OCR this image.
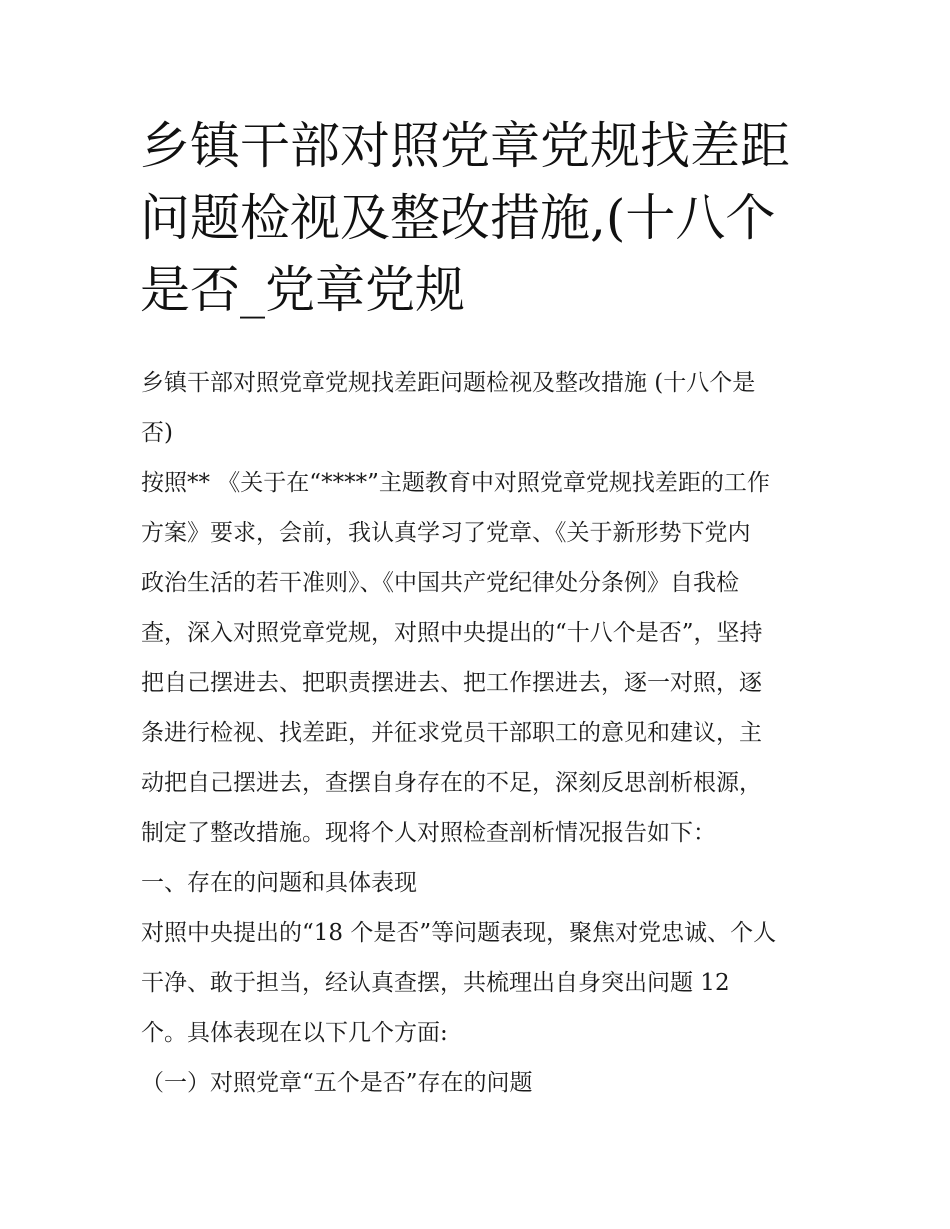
乡镇干部对照党章党规找差距
问题检视及整改措施,(十八个
是否_党章党规
乡镇干部对照党章党规找差距问题检视及整改措施 (十八个是
否)
按照** 《关于在“****”主题教育中对照党章党规找差距的工作
方案》要求，会前，我认真学习了党章、《关于新形势下党内
政治生活的若干准则》、《中国共产党纪律处分条例》自我检
查，深入对照党章党规，对照中央提出的“十八个是否”，坚持
把自己摆进去、把职责摆进去、把工作摆进去，逐一对照，逐
条进行检视、找差距，并征求党员干部职工的意见和建议，主
动把自己摆进去，查摆自身存在的不足，深刻反思剖析根源，
制定了整改措施。现将个人对照检查剖析情况报告如下：
一、存在的问题和具体表现
对照中央提出的“18 个是否”等问题表现，聚焦对党忠诚、个人
干净、敢于担当，经认真查摆，共梳理出自身突出问题 12
个。具体表现在以下几个方面:
（一）对照党章“五个是否”存在的问题
